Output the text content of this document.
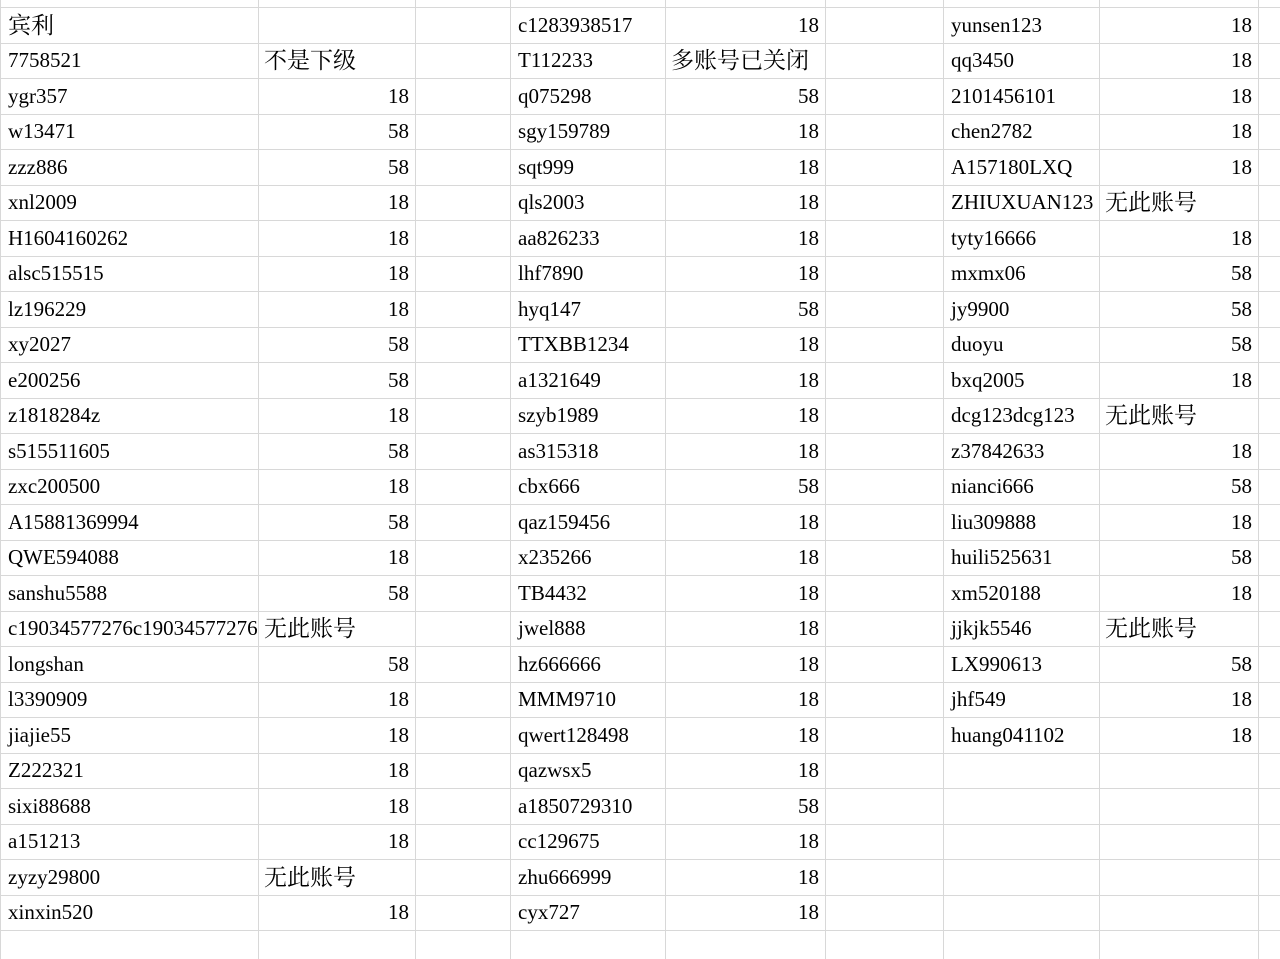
宾利	c1283938517	18	yunsen123	18
7758521	不是下级	T112233	多账号已关闭	qq3450	18
ygr357	18	q075298	58	2101456101	18
w13471	58	sgy159789	18	chen2782	18
zzz886	58	sqt999	18	A157180LXQ	18
xnl2009	18	qls2003	18	ZHIUXUAN123 无此账号
H1604160262	18	aa826233	18	tyty16666	18
alsc515515	18	lhf7890	18	mxmx06	58
lz196229	18	hyq147	58	jy9900	58
xy2027	58	TTXBB1234	18	duoyu	58
e200256	58	a1321649	18	bxq2005	18
z1818284z	18	szyb1989	18	dcg123dcg123	无此账号
s515511605	58	as315318	18	z37842633	18
zxc200500	18	cbx666	58	nianci666	58
A15881369994	58	qaz159456	18	liu309888	18
QWE594088	18	x235266	18	huili525631	58
sanshu5588	58	TB4432	18	xm520188	18
c19034577276c19034577276 无此账号	jwel888	18	jjkjk5546	无此账号
longshan	58	hz666666	18	LX990613	58
l3390909	18	MMM9710	18	jhf549	18
jiajie55	18	qwert128498	18	huang041102	18
Z222321	18	qazwsx5	18
sixi88688	18	a1850729310	58
a151213	18	cc129675	18
zyzy29800	无此账号	zhu666999	18
xinxin520	18	cyx727	18
